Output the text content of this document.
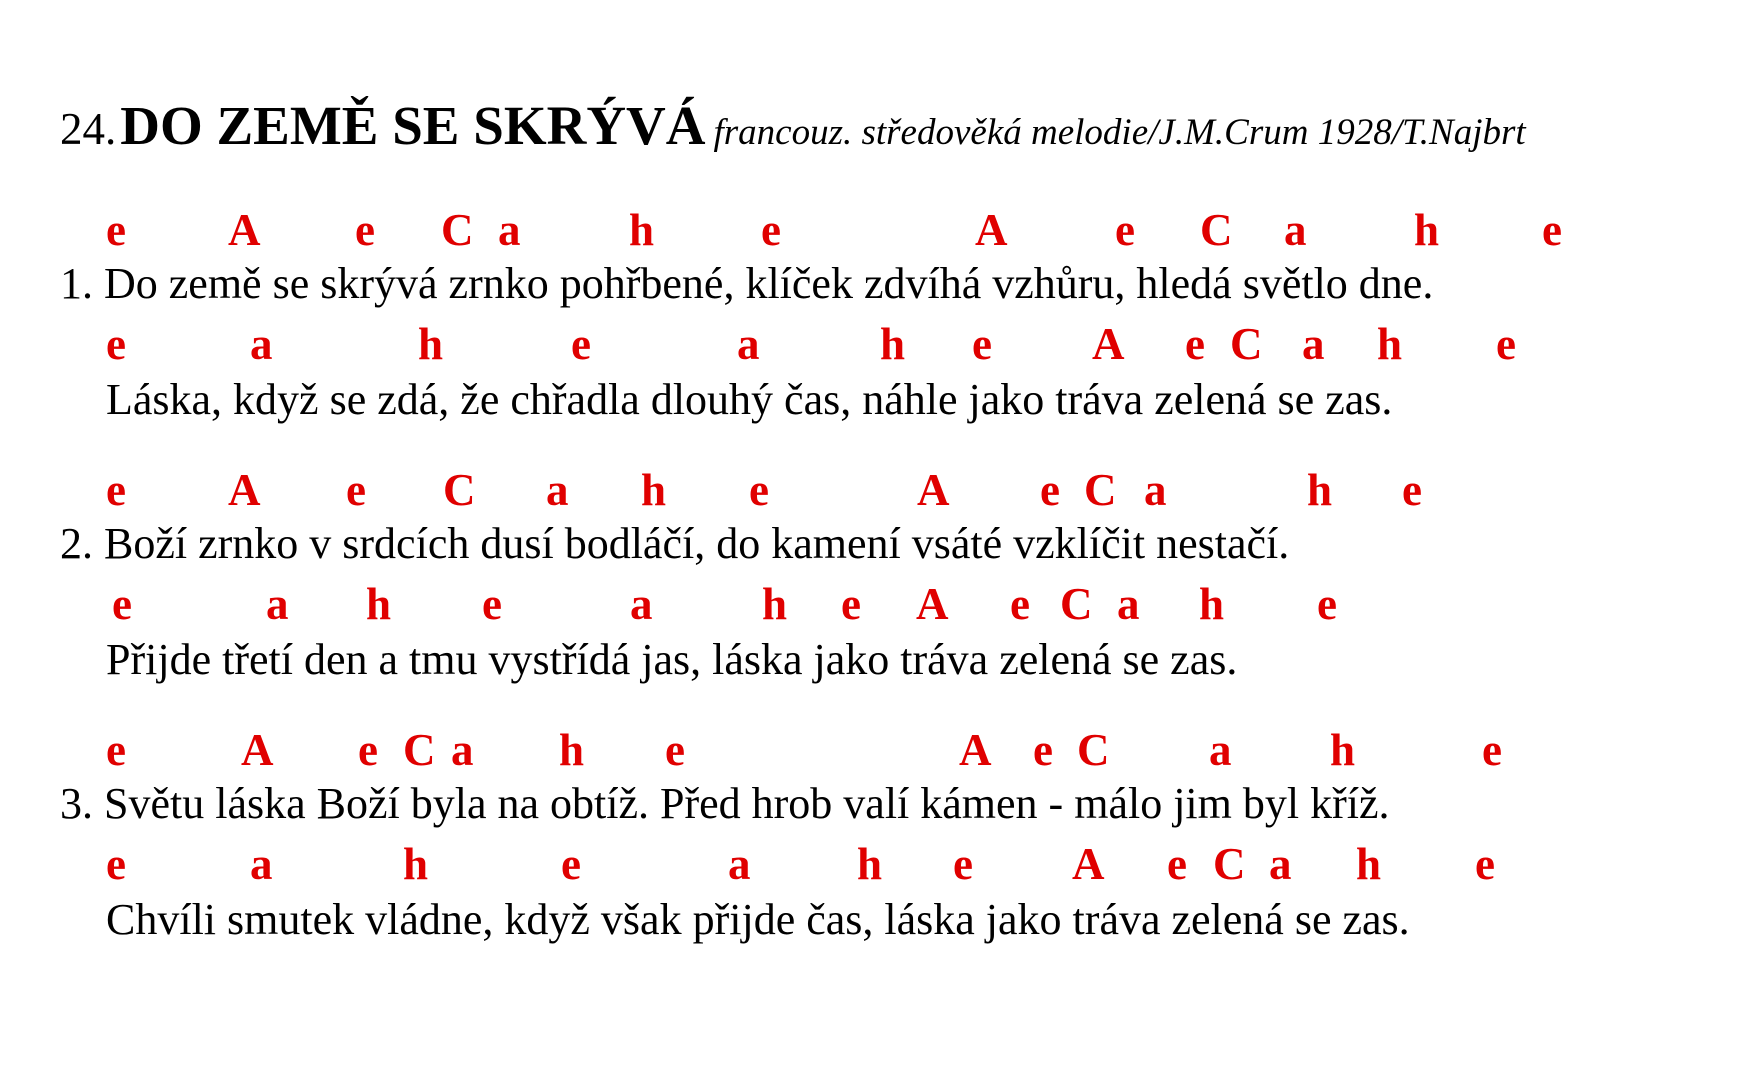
24. DO ZEMĚ SE SKRÝVÁ francouz. středověká melodie/J.M.Crum 1928/T.Najbrt
e A e C a h e	A e C a h e
1. Do země se skrývá zrnko pohřbené, klíček zdvíhá vzhůru, hledá světlo dne.
e	a	h	e	a	h e A e C a h e
Láska, když se zdá, že chřadla dlouhý čas, náhle jako tráva zelená se zas.
e A e C a h e	A e C a	h e
2. Boží zrnko v srdcích dusí bodláčí, do kamení vsáté vzklíčit nestačí.
e	a h e	a h e A e C a h e
Přijde třetí den a tmu vystřídá jas, láska jako tráva zelená se zas.
e	A e C a h e	A e C a h	e
3. Světu láska Boží byla na obtíž. Před hrob valí kámen - málo jim byl kříž.
e	a	h	e	a h e A e C a h e
Chvíli smutek vládne, když však přijde čas, láska jako tráva zelená se zas.
